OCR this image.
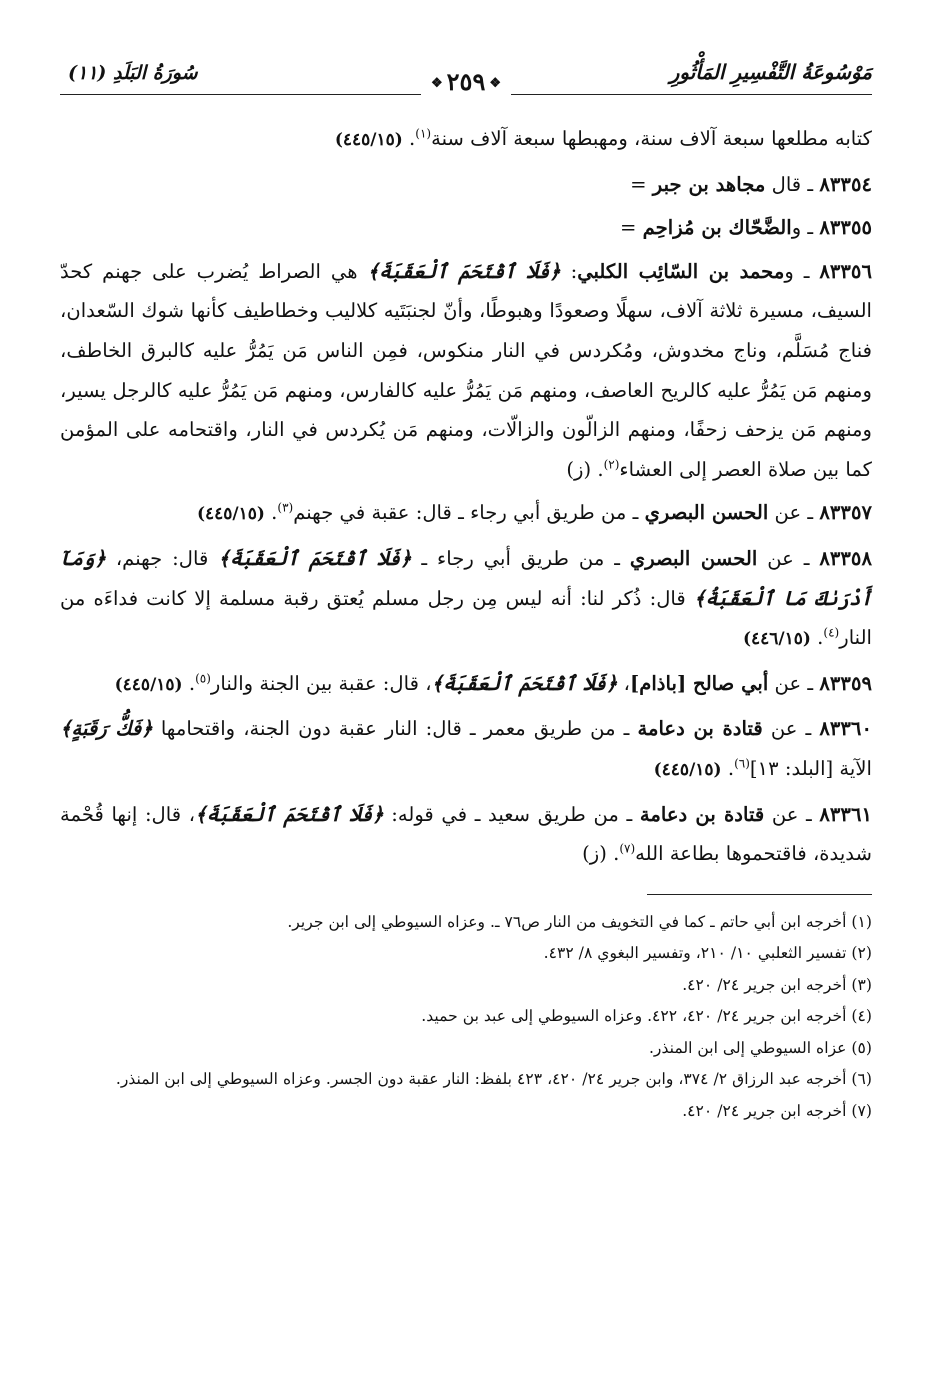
مَوْسُوعَةُ التَّفْسِيرِ المَأْثُورِ
❖٢٥٩❖
سُورَةُ البَلَدِ (١١)
كتابه مطلعها سبعة آلاف سنة، ومهبطها سبعة آلاف سنة$^{(١)}$. (٤٤٥/١٥)
٨٣٣٥٤ ـ قال مجاهد بن جبر =
٨٣٣٥٥ ـ والضَّحّاك بن مُزاحِم =
٨٣٣٥٦ ـ ومحمد بن السّائِب الكلبي: ﴿فَلَا ٱقْتَحَمَ ٱلْعَقَبَةَ﴾ هي الصراط يُضرب على جهنم كحدّ السيف، مسيرة ثلاثة آلاف، سهلًا وصعودًا وهبوطًا، وأنّ لجنبَتَيه كلاليب وخطاطيف كأنها شوك السّعدان، فناج مُسَلَّم، وناج مخدوش، ومُكردس في النار منكوس، فمِن الناس مَن يَمُرُّ عليه كالبرق الخاطف، ومنهم مَن يَمُرُّ عليه كالريح العاصف، ومنهم مَن يَمُرُّ عليه كالفارس، ومنهم مَن يَمُرُّ عليه كالرجل يسير، ومنهم مَن يزحف زحفًا، ومنهم الزالّون والزالّات، ومنهم مَن يُكردس في النار، واقتحامه على المؤمن كما بين صلاة العصر إلى العشاء$^{(٢)}$. (ز)
٨٣٣٥٧ ـ عن الحسن البصري ـ من طريق أبي رجاء ـ قال: عقبة في جهنم$^{(٣)}$. (٤٤٥/١٥)
٨٣٣٥٨ ـ عن الحسن البصري ـ من طريق أبي رجاء ـ ﴿فَلَا ٱقْتَحَمَ ٱلْعَقَبَةَ﴾ قال: جهنم، ﴿وَمَآ أَدْرَىٰكَ مَا ٱلْعَقَبَةُ﴾ قال: ذُكر لنا: أنه ليس مِن رجل مسلم يُعتق رقبة مسلمة إلا كانت فداءَه من النار$^{(٤)}$. (٤٤٦/١٥)
٨٣٣٥٩ ـ عن أبي صالح [باذام]، ﴿فَلَا ٱقْتَحَمَ ٱلْعَقَبَةَ﴾، قال: عقبة بين الجنة والنار$^{(٥)}$. (٤٤٥/١٥)
٨٣٣٦٠ ـ عن قتادة بن دعامة ـ من طريق معمر ـ قال: النار عقبة دون الجنة، واقتحامها ﴿فَكُّ رَقَبَةٍ﴾ الآية [البلد: ١٣]$^{(٦)}$. (٤٤٥/١٥)
٨٣٣٦١ ـ عن قتادة بن دعامة ـ من طريق سعيد ـ في قوله: ﴿فَلَا ٱقْتَحَمَ ٱلْعَقَبَةَ﴾، قال: إنها قُحْمة شديدة، فاقتحموها بطاعة الله$^{(٧)}$. (ز)
(١) أخرجه ابن أبي حاتم ـ كما في التخويف من النار ص٧٦ ـ. وعزاه السيوطي إلى ابن جرير.
(٢) تفسير الثعلبي ١٠/ ٢١٠، وتفسير البغوي ٨/ ٤٣٢.
(٣) أخرجه ابن جرير ٢٤/ ٤٢٠.
(٤) أخرجه ابن جرير ٢٤/ ٤٢٠، ٤٢٢. وعزاه السيوطي إلى عبد بن حميد.
(٥) عزاه السيوطي إلى ابن المنذر.
(٦) أخرجه عبد الرزاق ٢/ ٣٧٤، وابن جرير ٢٤/ ٤٢٠، ٤٢٣ بلفظ: النار عقبة دون الجسر. وعزاه السيوطي إلى ابن المنذر.
(٧) أخرجه ابن جرير ٢٤/ ٤٢٠.
